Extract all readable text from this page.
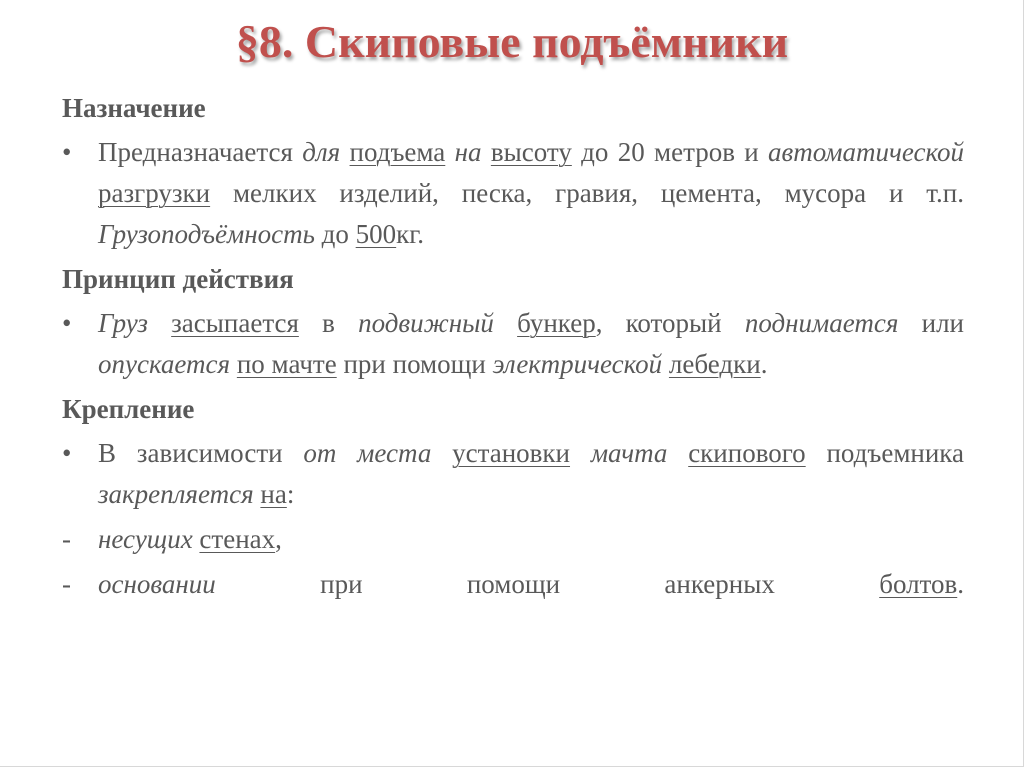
§8. Скиповые подъёмники
Назначение
• Предназначается для подъема на высоту до 20 метров и автоматической разгрузки мелких изделий, песка, гравия, цемента, мусора и т.п. Грузоподъёмность до 500кг.
Принцип действия
• Груз засыпается в подвижный бункер, который поднимается или опускается по мачте при помощи электрической лебедки.
Крепление
• В зависимости от места установки мачта скипового подъемника закрепляется на:
-	несущих стенах,
-	основании при помощи анкерных болтов.
